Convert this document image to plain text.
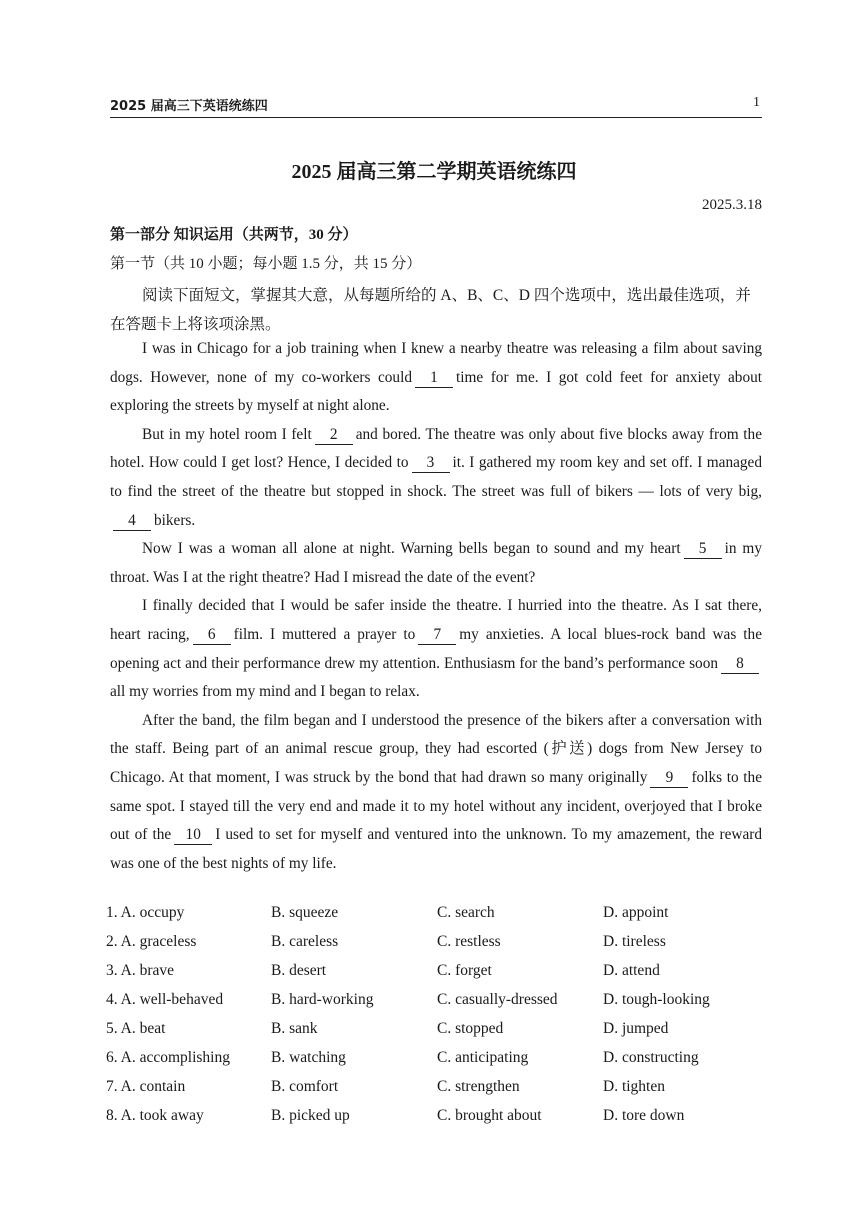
2025 届高三下英语统练四	1
2025 届高三第二学期英语统练四
2025.3.18
第一部分 知识运用（共两节，30 分）
第一节（共 10 小题；每小题 1.5 分，共 15 分）
阅读下面短文，掌握其大意，从每题所给的 A、B、C、D 四个选项中，选出最佳选项，并在答题卡上将该项涂黑。

I was in Chicago for a job training when I knew a nearby theatre was releasing a film about saving dogs. However, none of my co-workers could 1 time for me. I got cold feet for anxiety about exploring the streets by myself at night alone.

But in my hotel room I felt 2 and bored. The theatre was only about five blocks away from the hotel. How could I get lost? Hence, I decided to 3 it. I gathered my room key and set off. I managed to find the street of the theatre but stopped in shock. The street was full of bikers — lots of very big,4 bikers.

Now I was a woman all alone at night. Warning bells began to sound and my heart 5 in my throat. Was I at the right theatre? Had I misread the date of the event?

I finally decided that I would be safer inside the theatre. I hurried into the theatre. As I sat there, heart racing, 6 film. I muttered a prayer to 7 my anxieties. A local blues-rock band was the opening act and their performance drew my attention. Enthusiasm for the band’s performance soon 8all my worries from my mind and I began to relax.

After the band, the film began and I understood the presence of the bikers after a conversation with the staff. Being part of an animal rescue group, they had escorted (护送) dogs from New Jersey to Chicago. At that moment, I was struck by the bond that had drawn so many originally 9 folks to the same spot. I stayed till the very end and made it to my hotel without any incident, overjoyed that I broke out of the 10 I used to set for myself and ventured into the unknown. To my amazement, the reward was one of the best nights of my life.

1. A. occupy	B. squeeze	C. search	D. appoint
2. A. graceless	B. careless	C. restless	D. tireless
3. A. brave	B. desert	C. forget	D. attend
4. A. well-behaved	B. hard-working	C. casually-dressed	D. tough-looking
5. A. beat	B. sank	C. stopped	D. jumped
6. A. accomplishing	B. watching	C. anticipating	D. constructing
7. A. contain	B. comfort	C. strengthen	D. tighten
8. A. took away	B. picked up	C. brought about	D. tore down
